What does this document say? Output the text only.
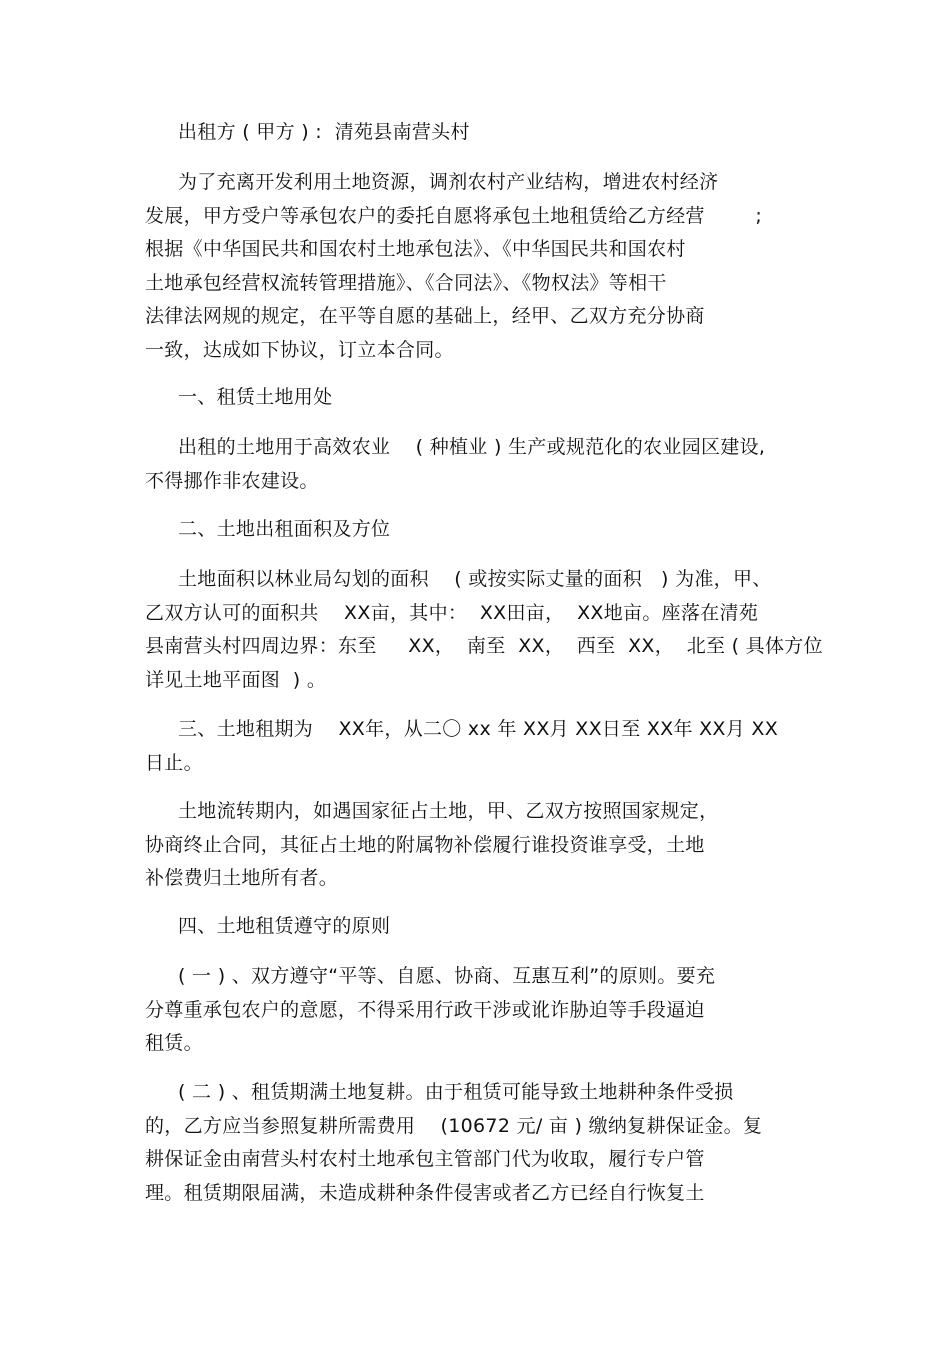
出租方 ( 甲方 ) :  清苑县南营头村
为了充离开发利用土地资源，调剂农村产业结构，增进农村经济
发展，甲方受户等承包农户的委托自愿将承包土地租赁给乙方经营        ;
根据《中华国民共和国农村土地承包法》、《中华国民共和国农村
土地承包经营权流转管理措施》、《合同法》、《物权法》等相干
法律法网规的规定，在平等自愿的基础上，经甲、乙双方充分协商
一致，达成如下协议，订立本合同。
一、租赁土地用处
出租的土地用于高效农业    ( 种植业 ) 生产或规范化的农业园区建设,
不得挪作非农建设。
二、土地出租面积及方位
土地面积以林业局勾划的面积    ( 或按实际丈量的面积   ) 为准，甲、
乙双方认可的面积共    XX亩，其中：  XX田亩，  XX地亩。座落在清苑
县南营头村四周边界：东至     XX，  南至  XX，  西至  XX，  北至 ( 具体方位
详见土地平面图  ) 。
三、土地租期为    XX年，从二〇 xx 年 XX月 XX日至 XX年 XX月 XX
日止。
土地流转期内，如遇国家征占土地，甲、乙双方按照国家规定，
协商终止合同，其征占土地的附属物补偿履行谁投资谁享受，土地
补偿费归土地所有者。
四、土地租赁遵守的原则
( 一 ) 、双方遵守“平等、自愿、协商、互惠互利”的原则。要充
分尊重承包农户的意愿，不得采用行政干涉或讹诈胁迫等手段逼迫
租赁。
( 二 ) 、租赁期满土地复耕。由于租赁可能导致土地耕种条件受损
的，乙方应当参照复耕所需费用    (10672 元/ 亩 ) 缴纳复耕保证金。复
耕保证金由南营头村农村土地承包主管部门代为收取，履行专户管
理。租赁期限届满，未造成耕种条件侵害或者乙方已经自行恢复土
